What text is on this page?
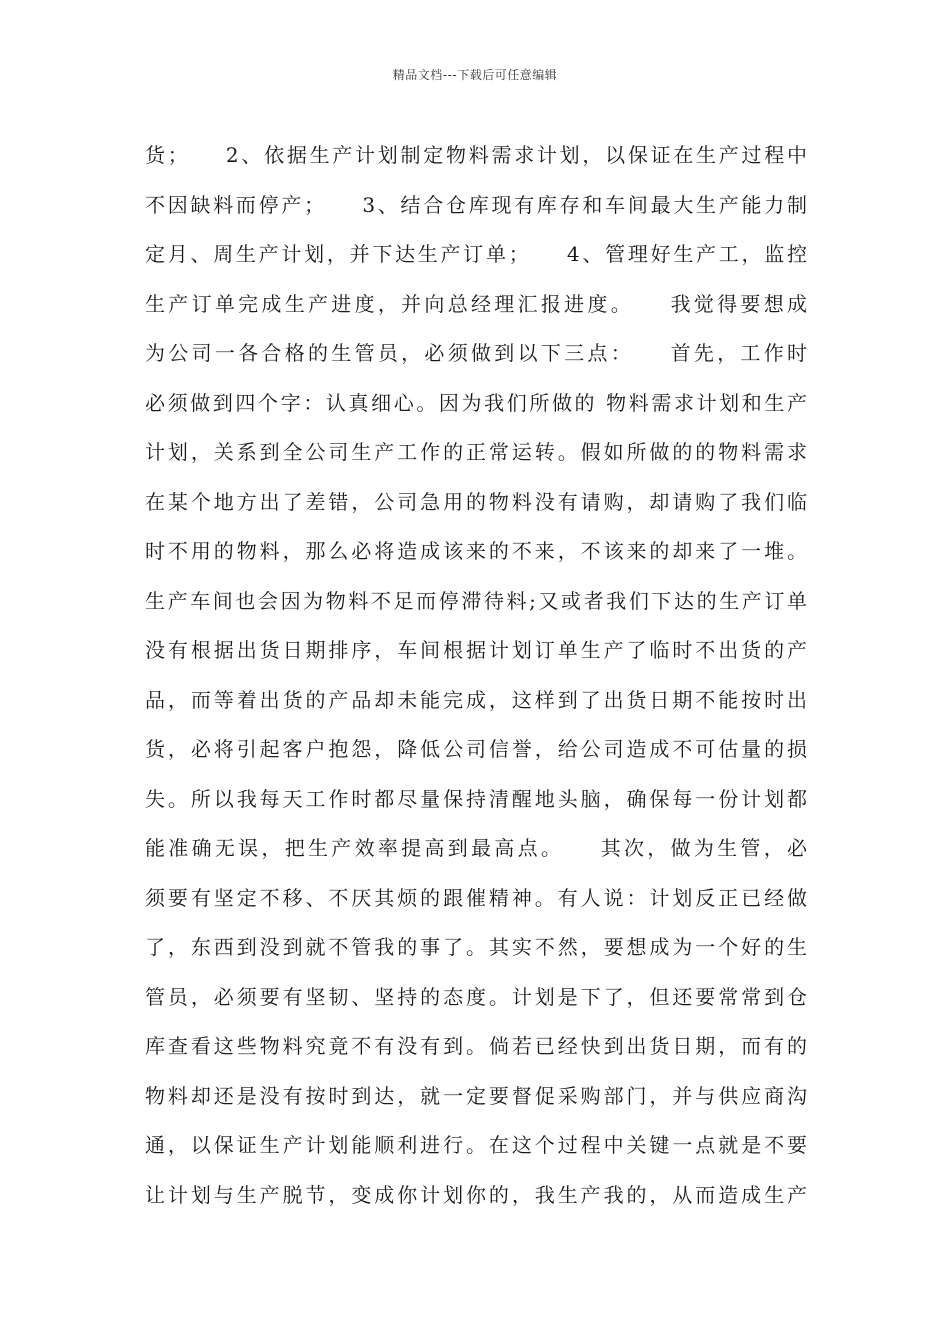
精品文档---下载后可任意编辑
货；　　2、依据生产计划制定物料需求计划，以保证在生产过程中
不因缺料而停产；　　3、结合仓库现有库存和车间最大生产能力制
定月、周生产计划，并下达生产订单；　　4、管理好生产工，监控
生产订单完成生产进度，并向总经理汇报进度。　　我觉得要想成
为公司一各合格的生管员，必须做到以下三点：　　首先，工作时
必须做到四个字：认真细心。因为我们所做的 物料需求计划和生产
计划，关系到全公司生产工作的正常运转。假如所做的的物料需求
在某个地方出了差错，公司急用的物料没有请购，却请购了我们临
时不用的物料，那么必将造成该来的不来，不该来的却来了一堆。
生产车间也会因为物料不足而停滞待料;又或者我们下达的生产订单
没有根据出货日期排序，车间根据计划订单生产了临时不出货的产
品，而等着出货的产品却未能完成，这样到了出货日期不能按时出
货，必将引起客户抱怨，降低公司信誉，给公司造成不可估量的损
失。所以我每天工作时都尽量保持清醒地头脑，确保每一份计划都
能准确无误，把生产效率提高到最高点。　　其次，做为生管，必
须要有坚定不移、不厌其烦的跟催精神。有人说：计划反正已经做
了，东西到没到就不管我的事了。其实不然，要想成为一个好的生
管员，必须要有坚韧、坚持的态度。计划是下了，但还要常常到仓
库查看这些物料究竟不有没有到。倘若已经快到出货日期，而有的
物料却还是没有按时到达，就一定要督促采购部门，并与供应商沟
通，以保证生产计划能顺利进行。在这个过程中关键一点就是不要
让计划与生产脱节，变成你计划你的，我生产我的，从而造成生产
